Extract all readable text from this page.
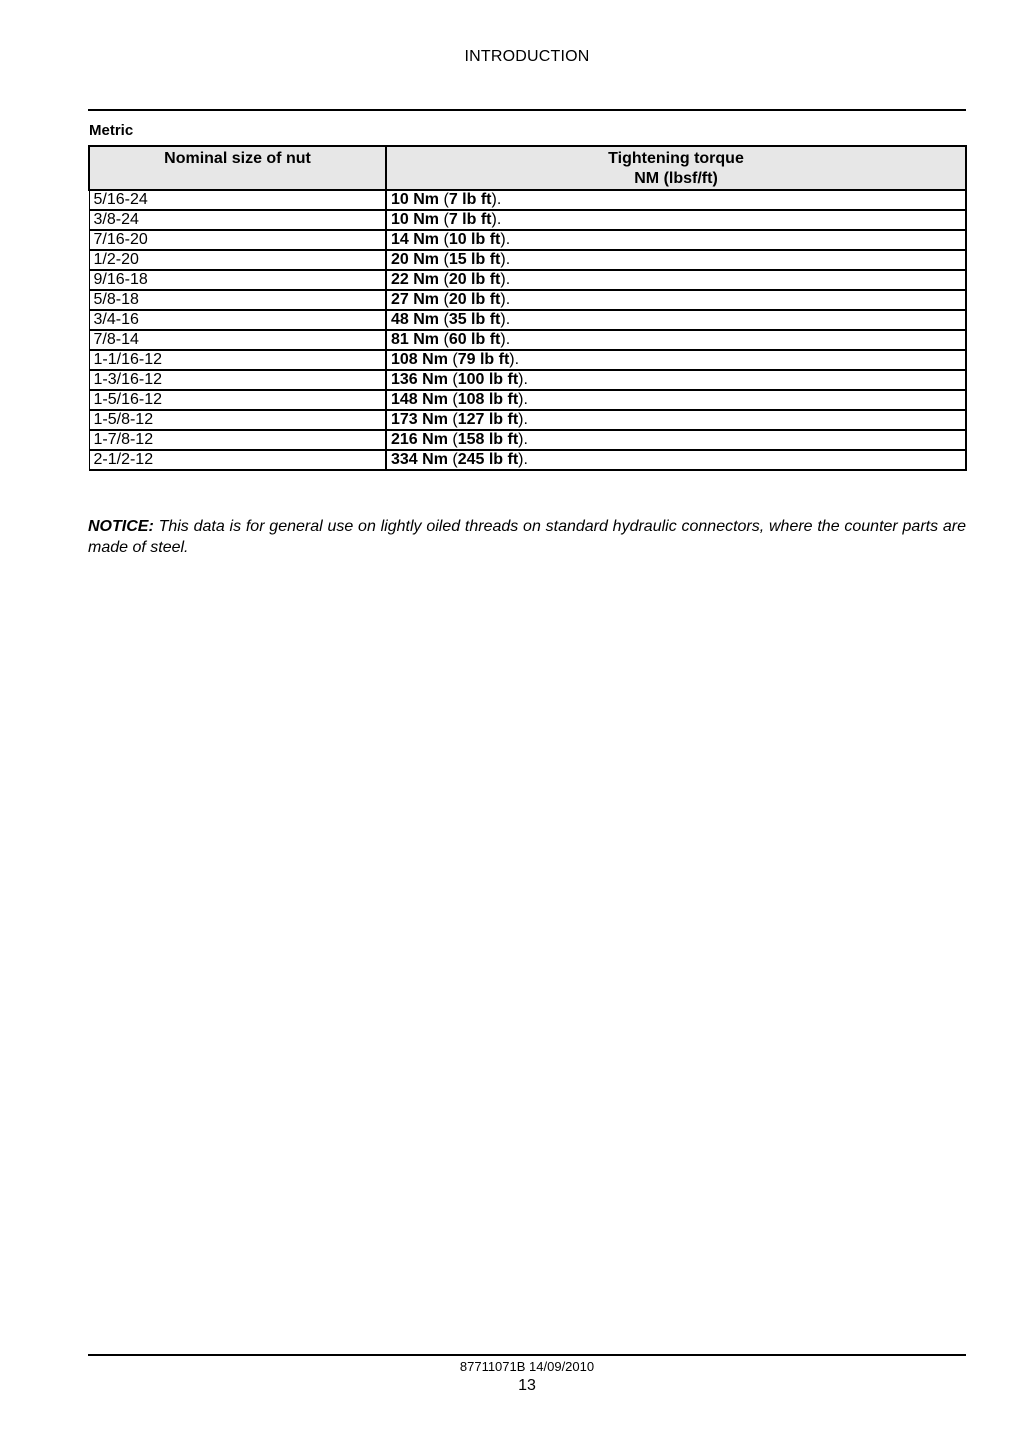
INTRODUCTION
Metric
Nominal size of nut	Tightening torque
NM (lbsf/ft)

5/16-24	10 Nm (7 lb ft).
3/8-24	10 Nm (7 lb ft).
7/16-20	14 Nm (10 lb ft).
1/2-20	20 Nm (15 lb ft).
9/16-18	22 Nm (20 lb ft).
5/8-18	27 Nm (20 lb ft).
3/4-16	48 Nm (35 lb ft).
7/8-14	81 Nm (60 lb ft).
1-1/16-12	108 Nm (79 lb ft).
1-3/16-12	136 Nm (100 lb ft).
1-5/16-12	148 Nm (108 lb ft).
1-5/8-12	173 Nm (127 lb ft).
1-7/8-12	216 Nm (158 lb ft).
2-1/2-12	334 Nm (245 lb ft).
NOTICE: This data is for general use on lightly oiled threads on standard hydraulic connectors, where the counter parts are made of steel.
87711071B 14/09/2010
13
